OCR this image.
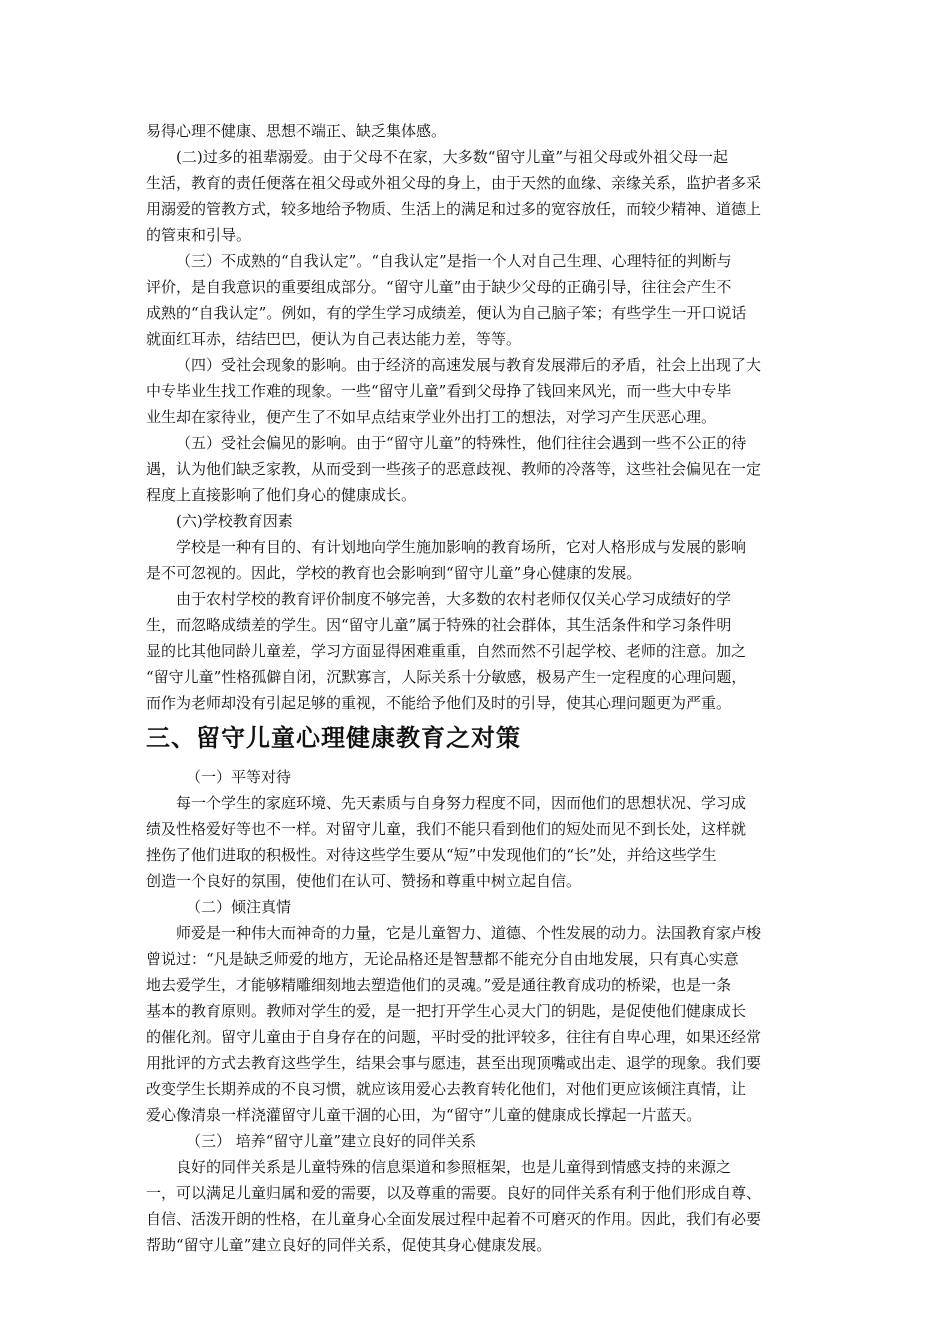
易得心理不健康、思想不端正、缺乏集体感。
(二)过多的祖辈溺爱。由于父母不在家，大多数“留守儿童”与祖父母或外祖父母一起
生活，教育的责任便落在祖父母或外祖父母的身上，由于天然的血缘、亲缘关系，监护者多采
用溺爱的管教方式，较多地给予物质、生活上的满足和过多的宽容放任，而较少精神、道德上
的管束和引导。
（三）不成熟的“自我认定”。“自我认定”是指一个人对自己生理、心理特征的判断与
评价，是自我意识的重要组成部分。“留守儿童”由于缺少父母的正确引导，往往会产生不
成熟的“自我认定”。例如，有的学生学习成绩差，便认为自己脑子笨；有些学生一开口说话
就面红耳赤，结结巴巴，便认为自己表达能力差，等等。
（四）受社会现象的影响。由于经济的高速发展与教育发展滞后的矛盾，社会上出现了大
中专毕业生找工作难的现象。一些“留守儿童”看到父母挣了钱回来风光，而一些大中专毕
业生却在家待业，便产生了不如早点结束学业外出打工的想法，对学习产生厌恶心理。
（五）受社会偏见的影响。由于“留守儿童”的特殊性，他们往往会遇到一些不公正的待
遇，认为他们缺乏家教，从而受到一些孩子的恶意歧视、教师的冷落等，这些社会偏见在一定
程度上直接影响了他们身心的健康成长。
(六)学校教育因素
学校是一种有目的、有计划地向学生施加影响的教育场所，它对人格形成与发展的影响
是不可忽视的。因此，学校的教育也会影响到“留守儿童”身心健康的发展。
由于农村学校的教育评价制度不够完善，大多数的农村老师仅仅关心学习成绩好的学
生，而忽略成绩差的学生。因“留守儿童”属于特殊的社会群体，其生活条件和学习条件明
显的比其他同龄儿童差，学习方面显得困难重重，自然而然不引起学校、老师的注意。加之
“留守儿童”性格孤僻自闭，沉默寡言，人际关系十分敏感，极易产生一定程度的心理问题，
而作为老师却没有引起足够的重视，不能给予他们及时的引导，使其心理问题更为严重。
三、留守儿童心理健康教育之对策
（一）平等对待
每一个学生的家庭环境、先天素质与自身努力程度不同，因而他们的思想状况、学习成
绩及性格爱好等也不一样。对留守儿童，我们不能只看到他们的短处而见不到长处，这样就
挫伤了他们进取的积极性。对待这些学生要从“短”中发现他们的“长”处，并给这些学生
创造一个良好的氛围，使他们在认可、赞扬和尊重中树立起自信。
（二）倾注真情
师爱是一种伟大而神奇的力量，它是儿童智力、道德、个性发展的动力。法国教育家卢梭
曾说过：“凡是缺乏师爱的地方，无论品格还是智慧都不能充分自由地发展，只有真心实意
地去爱学生，才能够精雕细刻地去塑造他们的灵魂。”爱是通往教育成功的桥梁，也是一条
基本的教育原则。教师对学生的爱，是一把打开学生心灵大门的钥匙，是促使他们健康成长
的催化剂。留守儿童由于自身存在的问题，平时受的批评较多，往往有自卑心理，如果还经常
用批评的方式去教育这些学生，结果会事与愿违，甚至出现顶嘴或出走、退学的现象。我们要
改变学生长期养成的不良习惯，就应该用爱心去教育转化他们，对他们更应该倾注真情，让
爱心像清泉一样浇灌留守儿童干涸的心田，为“留守”儿童的健康成长撑起一片蓝天。
（三） 培养“留守儿童”建立良好的同伴关系
良好的同伴关系是儿童特殊的信息渠道和参照框架，也是儿童得到情感支持的来源之
一，可以满足儿童归属和爱的需要，以及尊重的需要。良好的同伴关系有利于他们形成自尊、
自信、活泼开朗的性格，在儿童身心全面发展过程中起着不可磨灭的作用。因此，我们有必要
帮助“留守儿童”建立良好的同伴关系，促使其身心健康发展。
